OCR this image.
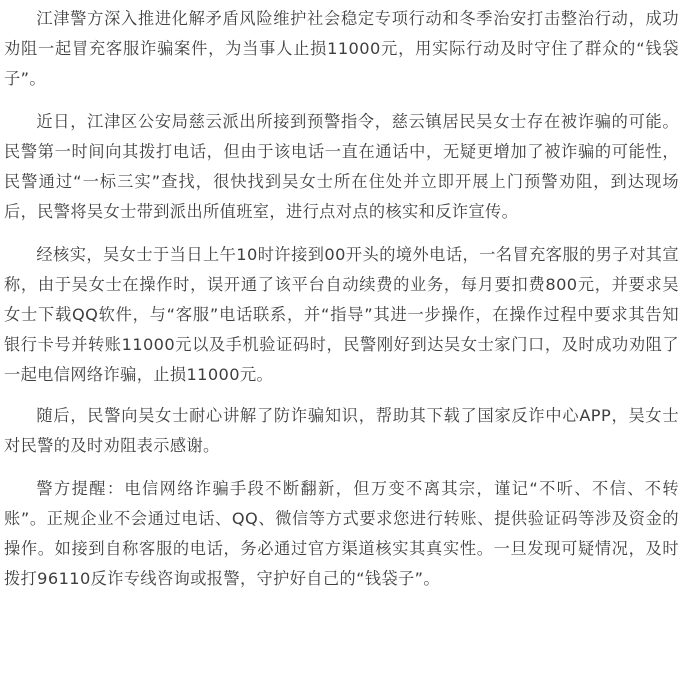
江津警方深入推进化解矛盾风险维护社会稳定专项行动和冬季治安打击整治行动，成功劝阻一起冒充客服诈骗案件，为当事人止损11000元，用实际行动及时守住了群众的“钱袋子”。

近日，江津区公安局慈云派出所接到预警指令，慈云镇居民吴女士存在被诈骗的可能。民警第一时间向其拨打电话，但由于该电话一直在通话中，无疑更增加了被诈骗的可能性，民警通过“一标三实”查找，很快找到吴女士所在住处并立即开展上门预警劝阻，到达现场后，民警将吴女士带到派出所值班室，进行点对点的核实和反诈宣传。

经核实，吴女士于当日上午10时许接到00开头的境外电话，一名冒充客服的男子对其宣称，由于吴女士在操作时，误开通了该平台自动续费的业务，每月要扣费800元，并要求吴女士下载QQ软件，与“客服”电话联系，并“指导”其进一步操作，在操作过程中要求其告知银行卡号并转账11000元以及手机验证码时，民警刚好到达吴女士家门口，及时成功劝阻了一起电信网络诈骗，止损11000元。

随后，民警向吴女士耐心讲解了防诈骗知识，帮助其下载了国家反诈中心APP，吴女士对民警的及时劝阻表示感谢。

警方提醒：电信网络诈骗手段不断翻新，但万变不离其宗，谨记“不听、不信、不转账”。正规企业不会通过电话、QQ、微信等方式要求您进行转账、提供验证码等涉及资金的操作。如接到自称客服的电话，务必通过官方渠道核实其真实性。一旦发现可疑情况，及时拨打96110反诈专线咨询或报警，守护好自己的“钱袋子”。
